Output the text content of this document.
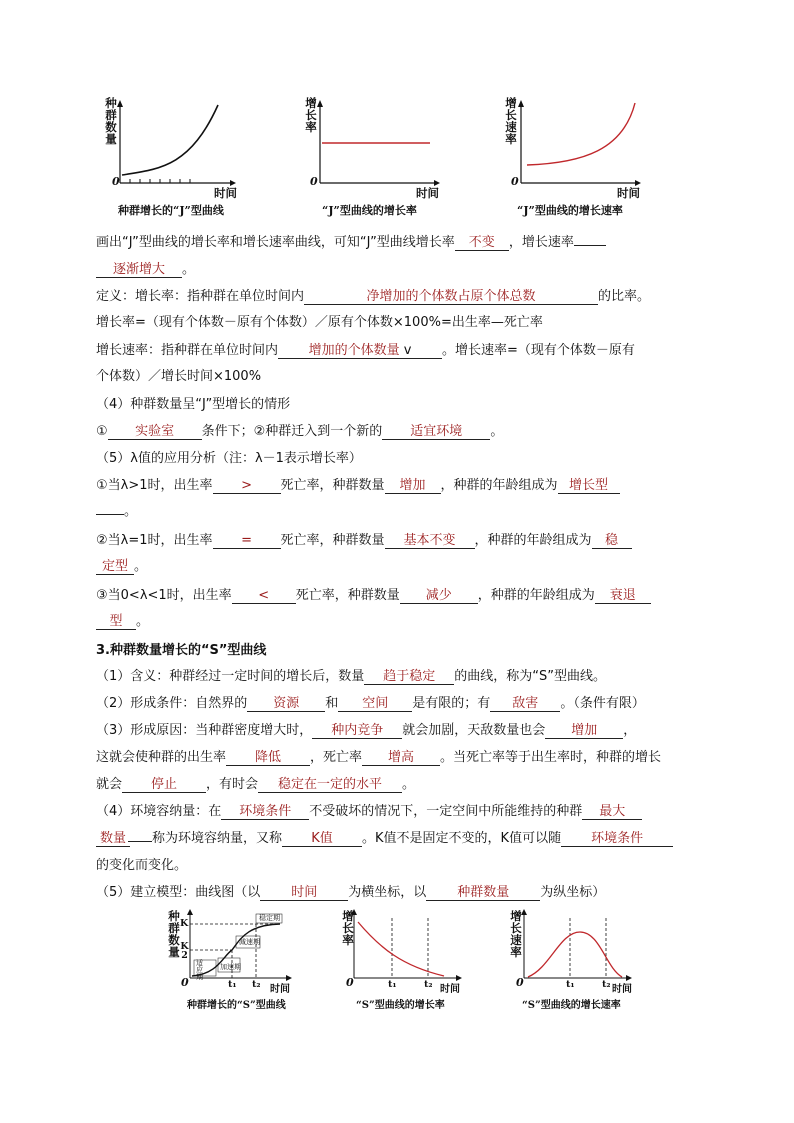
种群数量
0
时间
种群增长的“J”型曲线
增长率
0
时间
“J”型曲线的增长率
增长速率
0
时间
“J”型曲线的增长速率
画出“J”型曲线的增长率和增长速率曲线，可知“J”型曲线增长率 不变 ，增长速率
逐渐增大 。
定义：增长率：指种群在单位时间内	净增加的个体数占原个体总数	的比率。
增长率=（现有个体数－原有个体数）／原有个体数×100%=出生率—死亡率
增长速率：指种群在单位时间内 增加的个体数量 v 。增长速率=（现有个体数－原有
个体数）／增长时间×100%
（4）种群数量呈“J”型增长的情形
① 实验室 条件下；②种群迁入到一个新的 适宜环境 。
（5）λ值的应用分析（注：λ－1表示增长率）
①当λ>1时，出生率 > 死亡率，种群数量 增加 ，种群的年龄组成为 增长型
。
②当λ=1时，出生率 = 死亡率，种群数量 基本不变 ，种群的年龄组成为 稳
定型 。
③当0<λ<1时，出生率 < 死亡率，种群数量 减少 ，种群的年龄组成为 衰退
型 。
3.种群数量增长的“S”型曲线
（1）含义：种群经过一定时间的增长后，数量 趋于稳定 的曲线，称为“S”型曲线。
（2）形成条件：自然界的 资源 和 空间 是有限的；有 敌害 。（条件有限）
（3）形成原因：当种群密度增大时， 种内竞争 就会加剧，天敌数量也会 增加 ，
这就会使种群的出生率 降低 ，死亡率 增高 。当死亡率等于出生率时，种群的增长
就会 停止 ，有时会 稳定在一定的水平 。
（4）环境容纳量：在 环境条件 不受破坏的情况下，一定空间中所能维持的种群 最大
数量 称为环境容纳量，又称 K值 。K值不是固定不变的，K值可以随 环境条件
的变化而变化。
（5）建立模型：曲线图（以 时间 为横坐标，以 种群数量 为纵坐标）
种群数量
K
K
2
稳定期
减速期
加速期
适应期
0	t₁ t₂ 时间
种群增长的“S”型曲线
增长率
0	t₁	t₂ 时间
“S”型曲线的增长率
增长速率
0	t₁	t₂ 时间
“S”型曲线的增长速率
